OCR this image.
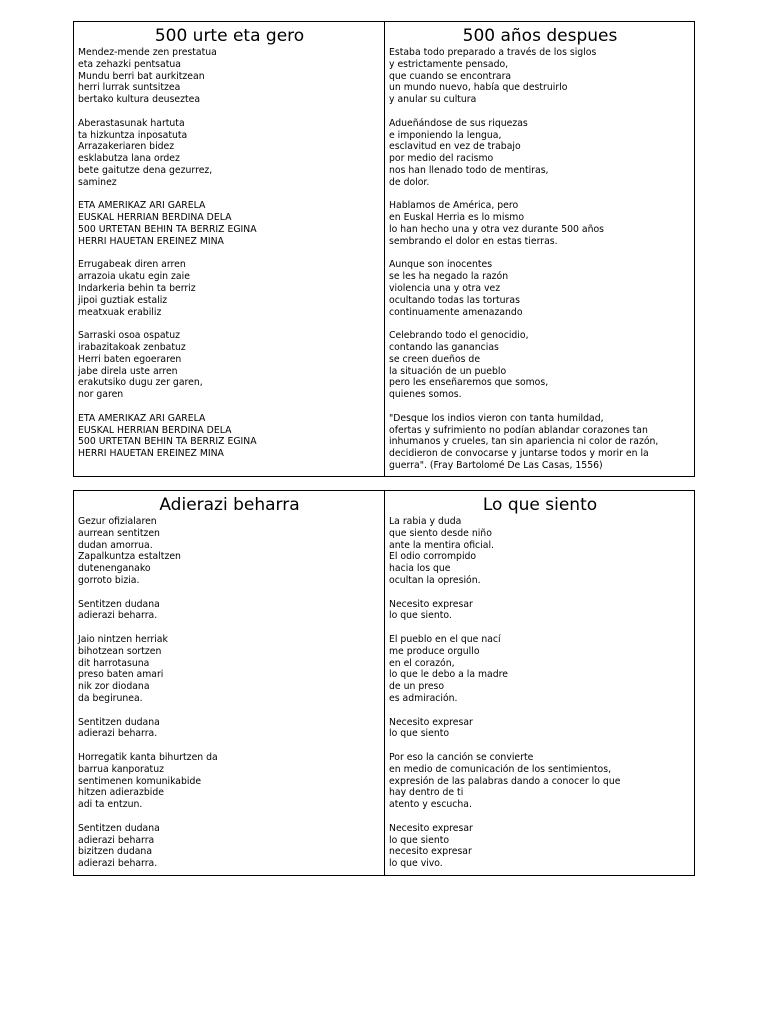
500 urte eta gero

Mendez-mende zen prestatua
eta zehazki pentsatua
Mundu berri bat aurkitzean
herri lurrak suntsitzea
bertako kultura deuseztea

Aberastasunak hartuta
ta hizkuntza inposatuta
Arrazakeriaren bidez
esklabutza lana ordez
bete gaitutze dena gezurrez,
saminez

ETA AMERIKAZ ARI GARELA
EUSKAL HERRIAN BERDINA DELA
500 URTETAN BEHIN TA BERRIZ EGINA
HERRI HAUETAN EREINEZ MINA

Errugabeak diren arren
arrazoia ukatu egin zaie
Indarkeria behin ta berriz
jipoi guztiak estaliz
meatxuak erabiliz

Sarraski osoa ospatuz
irabazitakoak zenbatuz
Herri baten egoeraren
jabe direla uste arren
erakutsiko dugu zer garen,
nor garen

ETA AMERIKAZ ARI GARELA
EUSKAL HERRIAN BERDINA DELA
500 URTETAN BEHIN TA BERRIZ EGINA
HERRI HAUETAN EREINEZ MINA

500 años despues

Estaba todo preparado a través de los siglos
y estrictamente pensado,
que cuando se encontrara
un mundo nuevo, había que destruirlo
y anular su cultura

Adueñándose de sus riquezas
e imponiendo la lengua,
esclavitud en vez de trabajo
por medio del racismo
nos han llenado todo de mentiras,
de dolor.

Hablamos de América, pero
en Euskal Herria es lo mismo
lo han hecho una y otra vez durante 500 años
sembrando el dolor en estas tierras.

Aunque son inocentes
se les ha negado la razón
violencia una y otra vez
ocultando todas las torturas
continuamente amenazando

Celebrando todo el genocidio,
contando las ganancias
se creen dueños de
la situación de un pueblo
pero les enseñaremos que somos,
quienes somos.

"Desque los indios vieron con tanta humildad,
ofertas y sufrimiento no podían ablandar corazones tan
inhumanos y crueles, tan sin apariencia ni color de razón,
decidieron de convocarse y juntarse todos y morir en la
guerra". (Fray Bartolomé De Las Casas, 1556)

Adierazi beharra

Gezur ofizialaren
aurrean sentitzen
dudan amorrua.
Zapalkuntza estaltzen
dutenenganako
gorroto bizia.

Sentitzen dudana
adierazi beharra.

Jaio nintzen herriak
bihotzean sortzen
dit harrotasuna
preso baten amari
nik zor diodana
da begirunea.

Sentitzen dudana
adierazi beharra.

Horregatik kanta bihurtzen da
barrua kanporatuz
sentimenen komunikabide
hitzen adierazbide
adi ta entzun.

Sentitzen dudana
adierazi beharra
bizitzen dudana
adierazi beharra.

Lo que siento

La rabia y duda
que siento desde niño
ante la mentira oficial.
El odio corrompido
hacia los que
ocultan la opresión.

Necesito expresar
lo que siento.

El pueblo en el que nací
me produce orgullo
en el corazón,
lo que le debo a la madre
de un preso
es admiración.

Necesito expresar
lo que siento

Por eso la canción se convierte
en medio de comunicación de los sentimientos,
expresión de las palabras dando a conocer lo que
hay dentro de ti
atento y escucha.

Necesito expresar
lo que siento
necesito expresar
lo que vivo.
